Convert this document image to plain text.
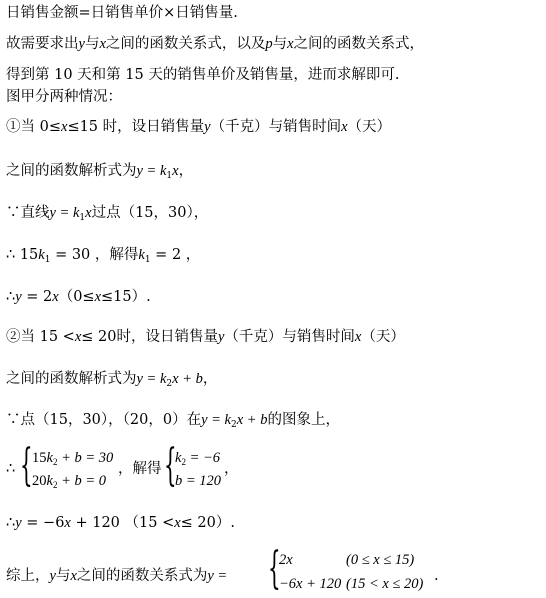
日销售金额=日销售单价×日销售量.
故需要求出y与x之间的函数关系式，以及p与x之间的函数关系式，
得到第 10 天和第 15 天的销售单价及销售量，进而求解即可.
图甲分两种情况：
①当 0≤x≤15 时，设日销售量y（千克）与销售时间x（天）
之间的函数解析式为$y = k_1x$，
∵直线$y = k_1x$过点（15，30），
∴ $15k_1 = 30$ ，解得$k_1 = 2$ ，
∴y = 2x（0≤x≤15）.
②当 15 <x≤ 20时，设日销售量y（千克）与销售时间x（天）
之间的函数解析式为$y = k_2x + b$，
∵点（15，30），（20，0）在$y = k_2x + b$的图象上，
∴ { $15k_2 + b = 30$
$20k_2 + b = 0$
，解得 {
$k_2 = -6$
b = 120
，
∴y = −6x + 120 （15 <x≤ 20）.
综上，y与x之间的函数关系式为y = {
2x	(0 ≤ x ≤ 15)
−6x + 120 (15 < x ≤ 20) .
